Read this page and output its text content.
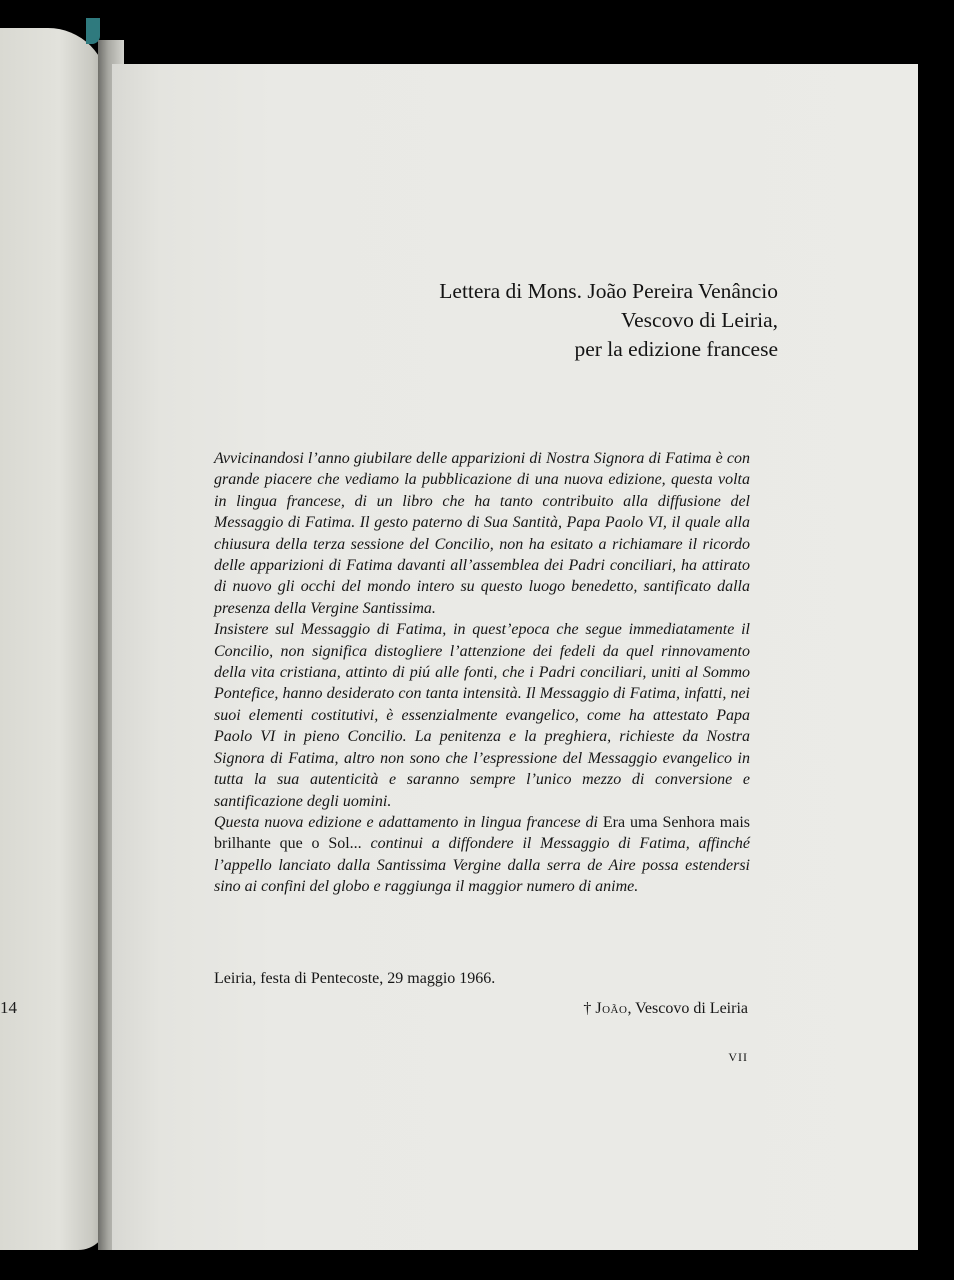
14
Lettera di Mons. João Pereira Venâncio
Vescovo di Leiria,
per la edizione francese

Avvicinandosi l’anno giubilare delle apparizioni di Nostra Signora di Fatima è con grande piacere che vediamo la pubblicazione di una nuova edizione, questa volta in lingua francese, di un libro che ha tanto contribuito alla diffusione del Messaggio di Fatima. Il gesto paterno di Sua Santità, Papa Paolo VI, il quale alla chiusura della terza sessione del Concilio, non ha esitato a richiamare il ricordo delle apparizioni di Fatima davanti all’assemblea dei Padri conciliari, ha attirato di nuovo gli occhi del mondo intero su questo luogo benedetto, santificato dalla presenza della Vergine Santissima.

Insistere sul Messaggio di Fatima, in quest’epoca che segue immediatamente il Concilio, non significa distogliere l’attenzione dei fedeli da quel rinnovamento della vita cristiana, attinto di piú alle fonti, che i Padri conciliari, uniti al Sommo Pontefice, hanno desiderato con tanta intensità. Il Messaggio di Fatima, infatti, nei suoi elementi costitutivi, è essenzialmente evangelico, come ha attestato Papa Paolo VI in pieno Concilio. La penitenza e la preghiera, richieste da Nostra Signora di Fatima, altro non sono che l’espressione del Messaggio evangelico in tutta la sua autenticità e saranno sempre l’unico mezzo di conversione e santificazione degli uomini.

Questa nuova edizione e adattamento in lingua francese di Era uma Senhora mais brilhante que o Sol... continui a diffondere il Messaggio di Fatima, affinché l’appello lanciato dalla Santissima Vergine dalla serra de Aire possa estendersi sino ai confini del globo e raggiunga il maggior numero di anime.

Leiria, festa di Pentecoste, 29 maggio 1966.
† João, Vescovo di Leiria
VII
